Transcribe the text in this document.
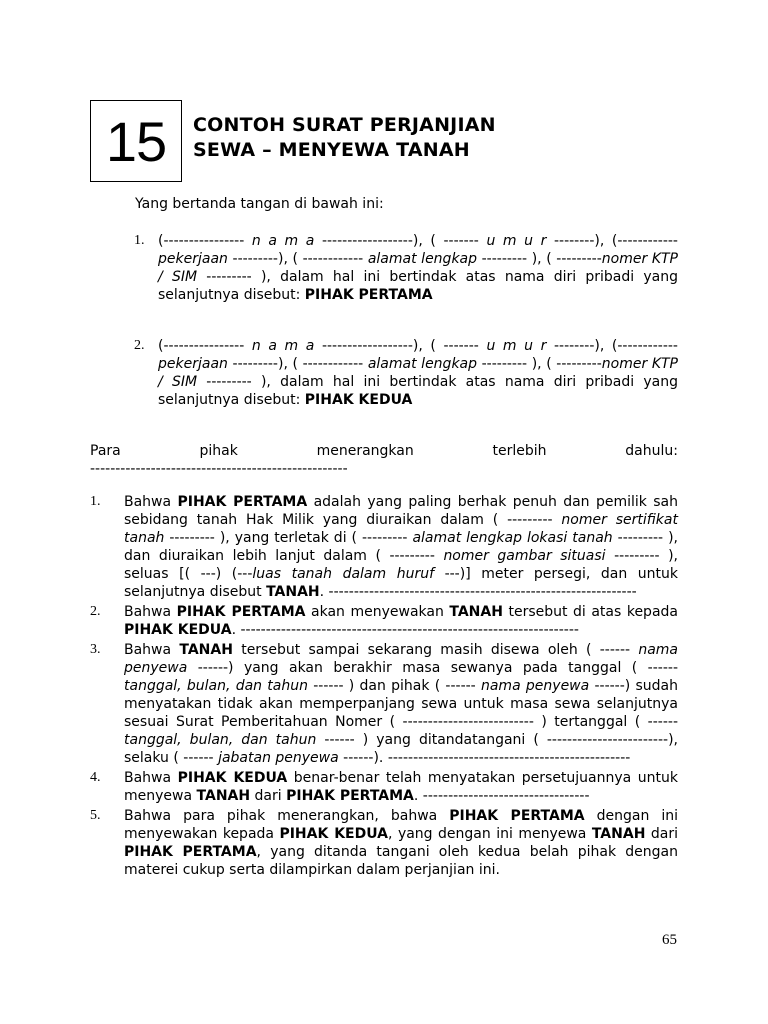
15 CONTOH SURAT PERJANJIAN
SEWA – MENYEWA TANAH
Yang bertanda tangan di bawah ini:
1. (---------------- n a m a ------------------), ( ------- u m u r --------), (------------ pekerjaan ---------), ( ------------ alamat lengkap --------- ), ( ---------nomer KTP / SIM --------- ), dalam hal ini bertindak atas nama diri pribadi yang selanjutnya disebut: PIHAK PERTAMA
2. (---------------- n a m a ------------------), ( ------- u m u r --------), (------------ pekerjaan ---------), ( ------------ alamat lengkap --------- ), ( ---------nomer KTP / SIM --------- ), dalam hal ini bertindak atas nama diri pribadi yang selanjutnya disebut: PIHAK KEDUA
Para	pihak	menerangkan	terlebih	dahulu:
---------------------------------------------------
1. Bahwa PIHAK PERTAMA adalah yang paling berhak penuh dan pemilik sah sebidang tanah Hak Milik yang diuraikan dalam ( --------- nomer sertifikat tanah --------- ), yang terletak di ( --------- alamat lengkap lokasi tanah --------- ), dan diuraikan lebih lanjut dalam ( --------- nomer gambar situasi --------- ), seluas [( ---) (---luas tanah dalam huruf ---)] meter persegi, dan untuk selanjutnya disebut TANAH. -------------------------------------------------------------
2. Bahwa PIHAK PERTAMA akan menyewakan TANAH tersebut di atas kepada PIHAK KEDUA. -------------------------------------------------------------------
3. Bahwa TANAH tersebut sampai sekarang masih disewa oleh ( ------ nama penyewa ------) yang akan berakhir masa sewanya pada tanggal ( ------ tanggal, bulan, dan tahun ------ ) dan pihak ( ------ nama penyewa ------) sudah menyatakan tidak akan memperpanjang sewa untuk masa sewa selanjutnya sesuai Surat Pemberitahuan Nomer ( -------------------------- ) tertanggal ( ------ tanggal, bulan, dan tahun ------ ) yang ditandatangani ( ------------------------), selaku ( ------ jabatan penyewa ------). ------------------------------------------------
4. Bahwa PIHAK KEDUA benar-benar telah menyatakan persetujuannya untuk menyewa TANAH dari PIHAK PERTAMA. ---------------------------------
5. Bahwa para pihak menerangkan, bahwa PIHAK PERTAMA dengan ini menyewakan kepada PIHAK KEDUA, yang dengan ini menyewa TANAH dari PIHAK PERTAMA, yang ditanda tangani oleh kedua belah pihak dengan materei cukup serta dilampirkan dalam perjanjian ini.
65
